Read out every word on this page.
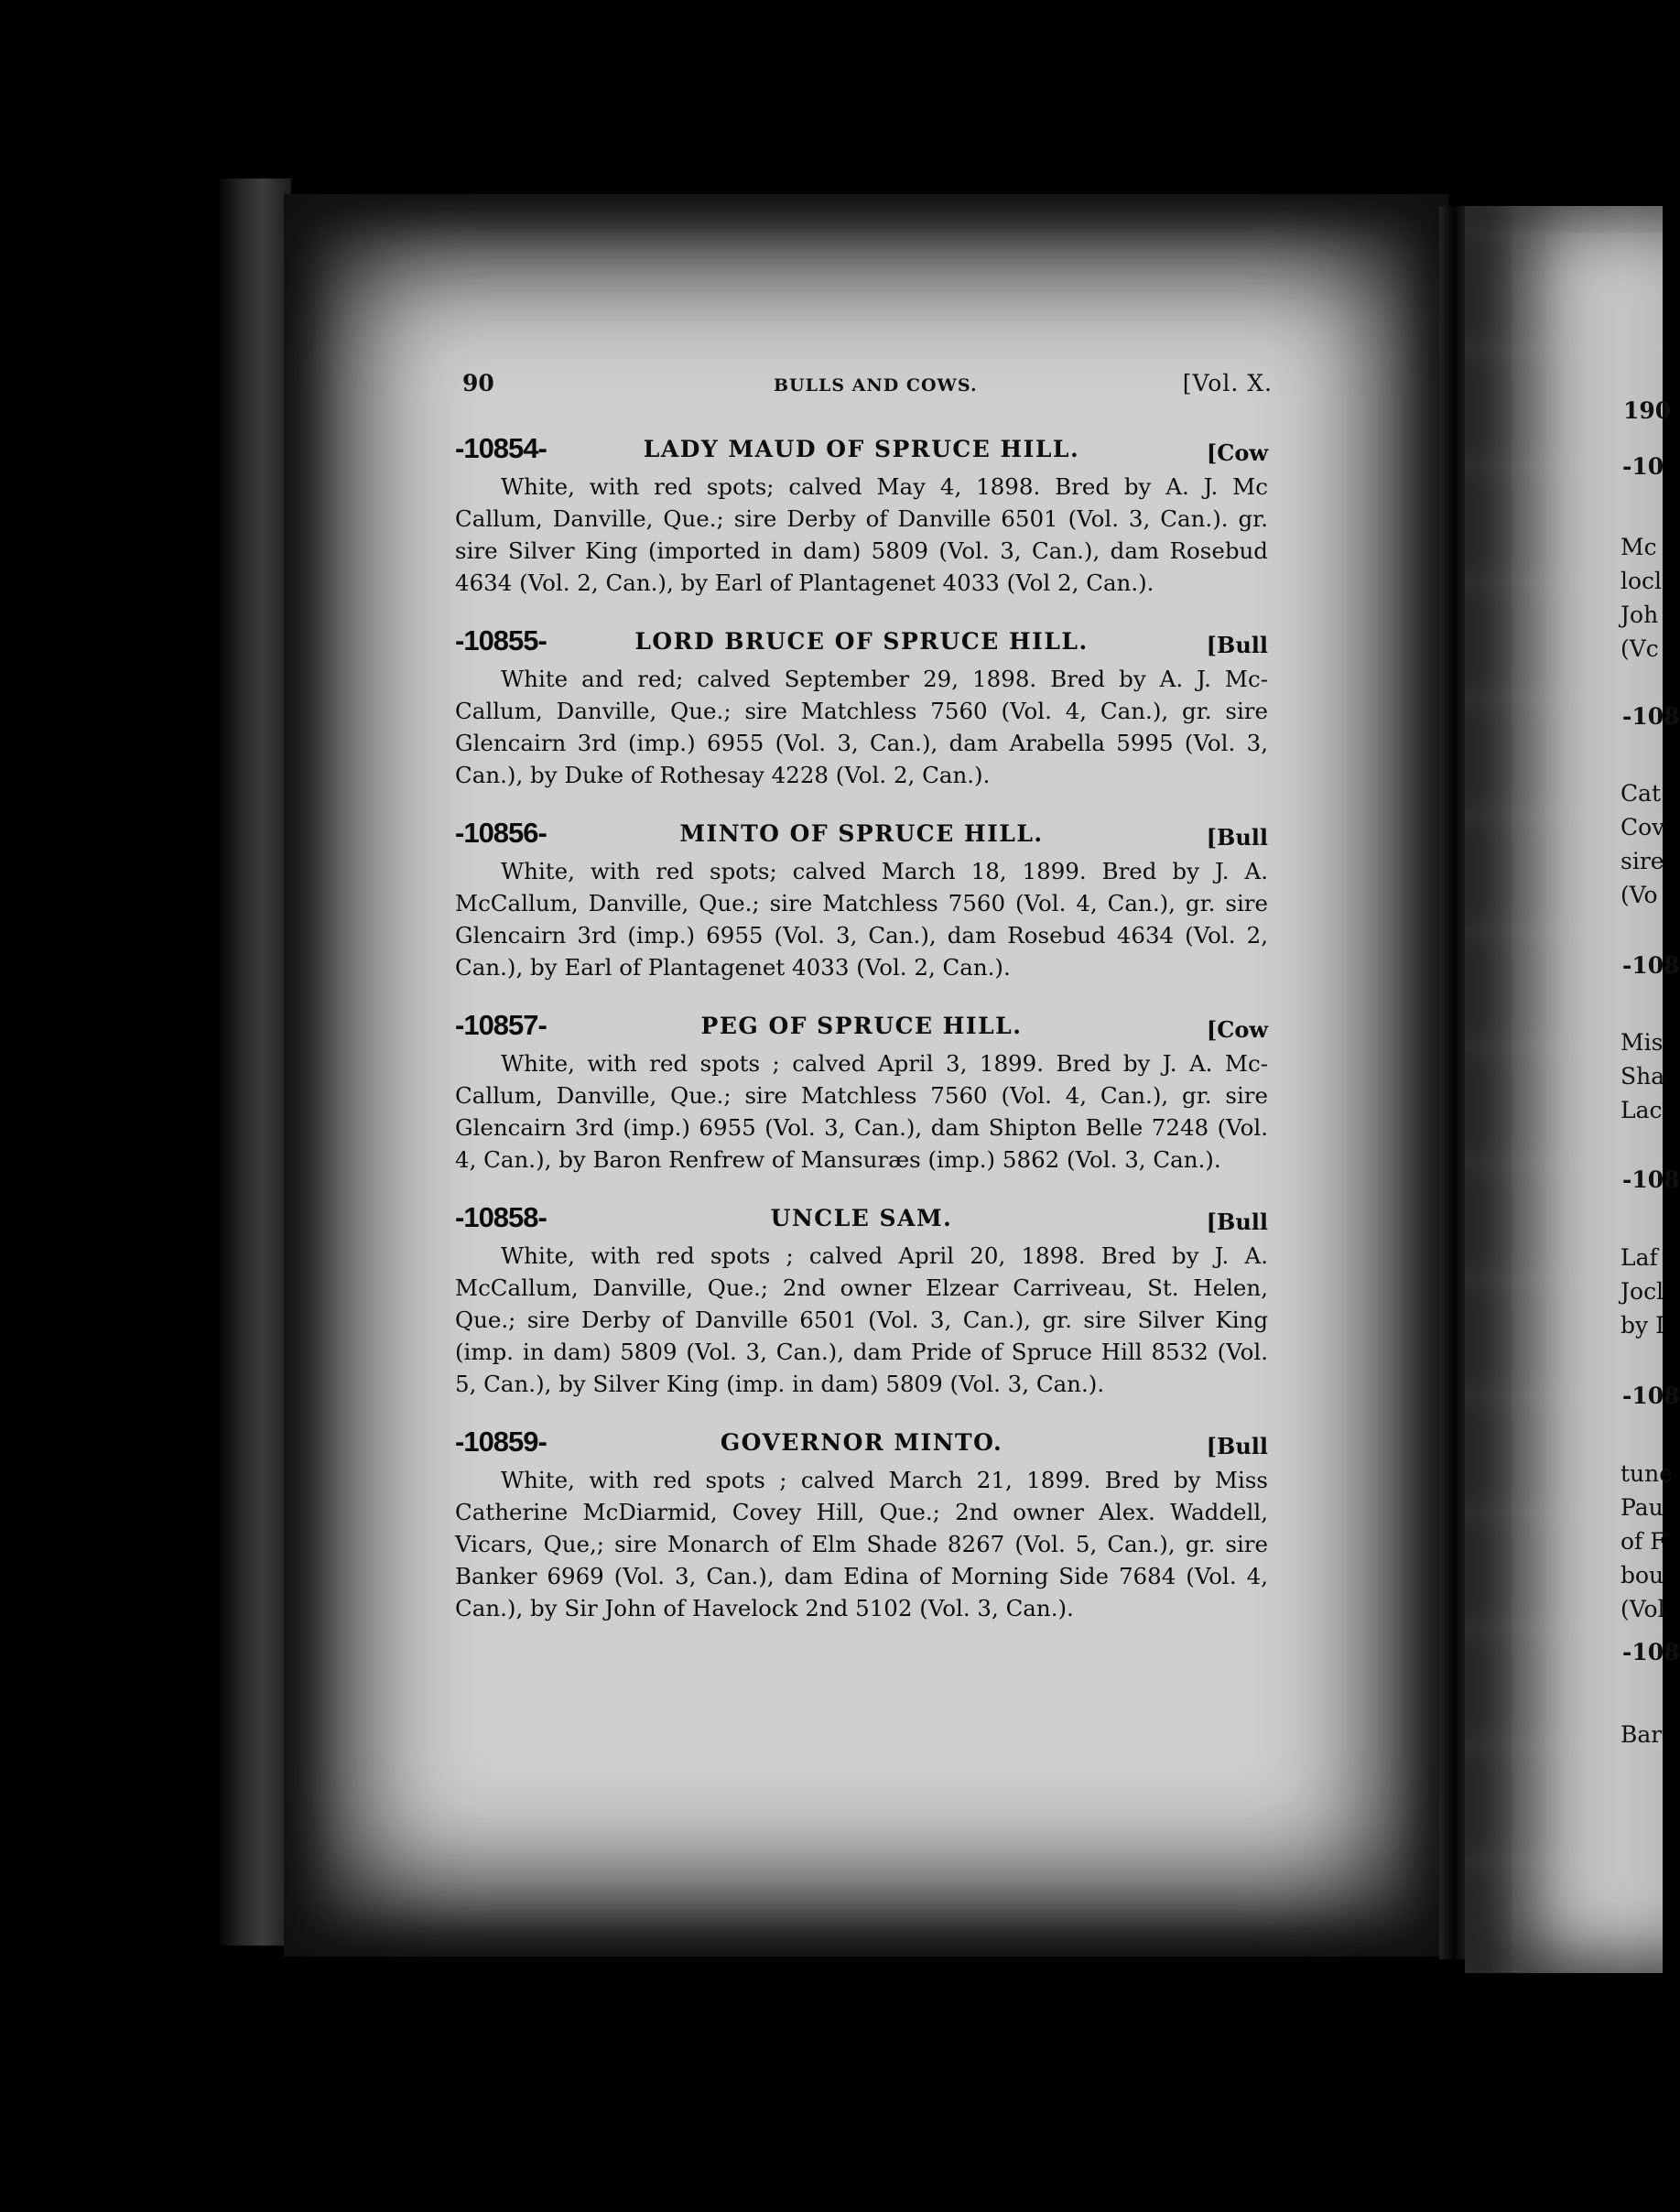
90	BULLS AND COWS.	[Vol. X.
-10854-	LADY MAUD OF SPRUCE HILL.	[Cow

White, with red spots; calved May 4, 1898. Bred by A. J. Mc Callum, Danville, Que.; sire Derby of Danville 6501 (Vol. 3, Can.). gr. sire Silver King (imported in dam) 5809 (Vol. 3, Can.), dam Rosebud 4634 (Vol. 2, Can.), by Earl of Plantagenet 4033 (Vol 2, Can.).

-10855-	LORD BRUCE OF SPRUCE HILL.	[Bull

White and red; calved September 29, 1898. Bred by A. J. Mc-Callum, Danville, Que.; sire Matchless 7560 (Vol. 4, Can.), gr. sire Glencairn 3rd (imp.) 6955 (Vol. 3, Can.), dam Arabella 5995 (Vol. 3, Can.), by Duke of Rothesay 4228 (Vol. 2, Can.).

-10856-	MINTO OF SPRUCE HILL.	[Bull

White, with red spots; calved March 18, 1899. Bred by J. A. McCallum, Danville, Que.; sire Matchless 7560 (Vol. 4, Can.), gr. sire Glencairn 3rd (imp.) 6955 (Vol. 3, Can.), dam Rosebud 4634 (Vol. 2, Can.), by Earl of Plantagenet 4033 (Vol. 2, Can.).

-10857-	PEG OF SPRUCE HILL.	[Cow

White, with red spots ; calved April 3, 1899. Bred by J. A. Mc-Callum, Danville, Que.; sire Matchless 7560 (Vol. 4, Can.), gr. sire Glencairn 3rd (imp.) 6955 (Vol. 3, Can.), dam Shipton Belle 7248 (Vol. 4, Can.), by Baron Renfrew of Mansuræs (imp.) 5862 (Vol. 3, Can.).

-10858-	UNCLE SAM.	[Bull

White, with red spots ; calved April 20, 1898. Bred by J. A. McCallum, Danville, Que.; 2nd owner Elzear Carriveau, St. Helen, Que.; sire Derby of Danville 6501 (Vol. 3, Can.), gr. sire Silver King (imp. in dam) 5809 (Vol. 3, Can.), dam Pride of Spruce Hill 8532 (Vol. 5, Can.), by Silver King (imp. in dam) 5809 (Vol. 3, Can.).

-10859-	GOVERNOR MINTO.	[Bull

White, with red spots ; calved March 21, 1899. Bred by Miss Catherine McDiarmid, Covey Hill, Que.; 2nd owner Alex. Waddell, Vicars, Que,; sire Monarch of Elm Shade 8267 (Vol. 5, Can.), gr. sire Banker 6969 (Vol. 3, Can.), dam Edina of Morning Side 7684 (Vol. 4, Can.), by Sir John of Havelock 2nd 5102 (Vol. 3, Can.).

190
-10
Mc
locl
Joh
(Vc
-108
Cat
Cov
sire
(Vo
-108
Mis
Sha
Lac
-108
Laf
Jocl
by I
-108
tune
Pau
of F
bou
(Vol
-108
Bar
